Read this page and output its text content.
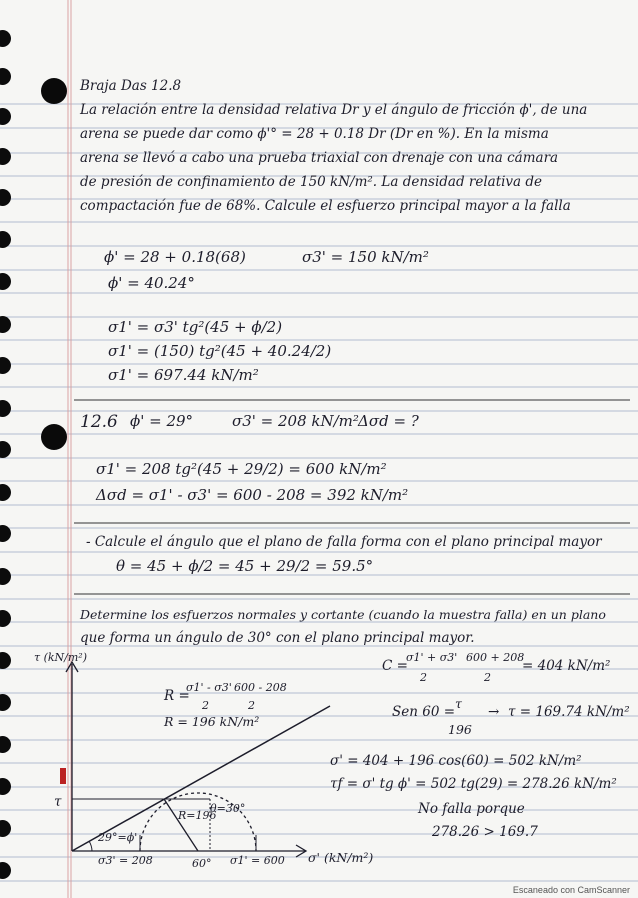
Braja Das 12.8
La relación entre la densidad relativa Dr y el ángulo de fricción ϕ', de una
arena se puede dar como ϕ'° = 28 + 0.18 Dr (Dr en %). En la misma
arena se llevó a cabo una prueba triaxial con drenaje con una cámara
de presión de confinamiento de 150 kN/m². La densidad relativa de
compactación fue de 68%. Calcule el esfuerzo principal mayor a la falla
ϕ' = 28 + 0.18(68)	σ3' = 150 kN/m²
ϕ' = 40.24°
σ1' = σ3' tg²(45 + ϕ/2)
σ1' = (150) tg²(45 + 40.24/2)
σ1' = 697.44 kN/m²
12.6 ϕ' = 29°	σ3' = 208 kN/m² Δσd = ?
σ1' = 208 tg²(45 + 29/2) = 600 kN/m²
Δσd = σ1' - σ3' = 600 - 208 = 392 kN/m²
- Calcule el ángulo que el plano de falla forma con el plano principal mayor
θ = 45 + ϕ/2 = 45 + 29/2 = 59.5°
Determine los esfuerzos normales y cortante (cuando la muestra falla) en un plano
que forma un ángulo de 30° con el plano principal mayor.
C =
σ1' + σ3'
2
600 + 208
2
= 404 kN/m²
R =
σ1' - σ3'
2
600 - 208
2
R = 196 kN/m²
Sen 60 =
τ
196
→ τ = 169.74 kN/m²
σ' = 404 + 196 cos(60) = 502 kN/m²
τf = σ' tg ϕ' = 502 tg(29) = 278.26 kN/m²
No falla porque
278.26 > 169.7
τ (kN/m²)
τ
29°=ϕ'
R=196
θ=30°
σ3' = 208	60° σ1' = 600 σ' (kN/m²)
Escaneado con CamScanner
